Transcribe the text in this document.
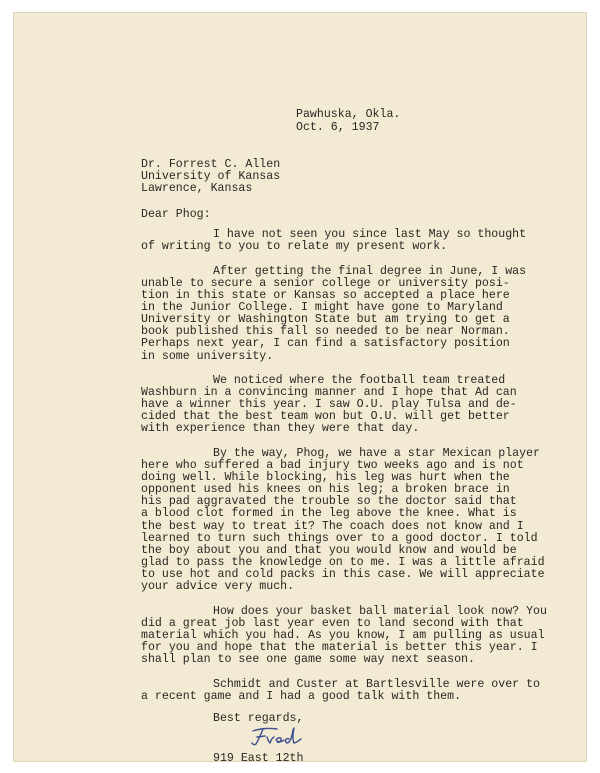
Pawhuska, Okla.
Oct. 6, 1937
Dr. Forrest C. Allen
University of Kansas
Lawrence, Kansas
Dear Phog:
I have not seen you since last May so thought
of writing to you to relate my present work.
After getting the final degree in June, I was
unable to secure a senior college or university posi-
tion in this state or Kansas so accepted a place here
in the Junior College. I might have gone to Maryland
University or Washington State but am trying to get a
book published this fall so needed to be near Norman.
Perhaps next year, I can find a satisfactory position
in some university.
We noticed where the football team treated
Washburn in a convincing manner and I hope that Ad can
have a winner this year. I saw O.U. play Tulsa and de-
cided that the best team won but O.U. will get better
with experience than they were that day.
By the way, Phog, we have a star Mexican player
here who suffered a bad injury two weeks ago and is not
doing well. While blocking, his leg was hurt when the
opponent used his knees on his leg; a broken brace in
his pad aggravated the trouble so the doctor said that
a blood clot formed in the leg above the knee. What is
the best way to treat it? The coach does not know and I
learned to turn such things over to a good doctor. I told
the boy about you and that you would know and would be
glad to pass the knowledge on to me. I was a little afraid
to use hot and cold packs in this case. We will appreciate
your advice very much.
How does your basket ball material look now? You
did a great job last year even to land second with that
material which you had. As you know, I am pulling as usual
for you and hope that the material is better this year. I
shall plan to see one game some way next season.
Schmidt and Custer at Bartlesville were over to
a recent game and I had a good talk with them.
Best regards,
919 East 12th
